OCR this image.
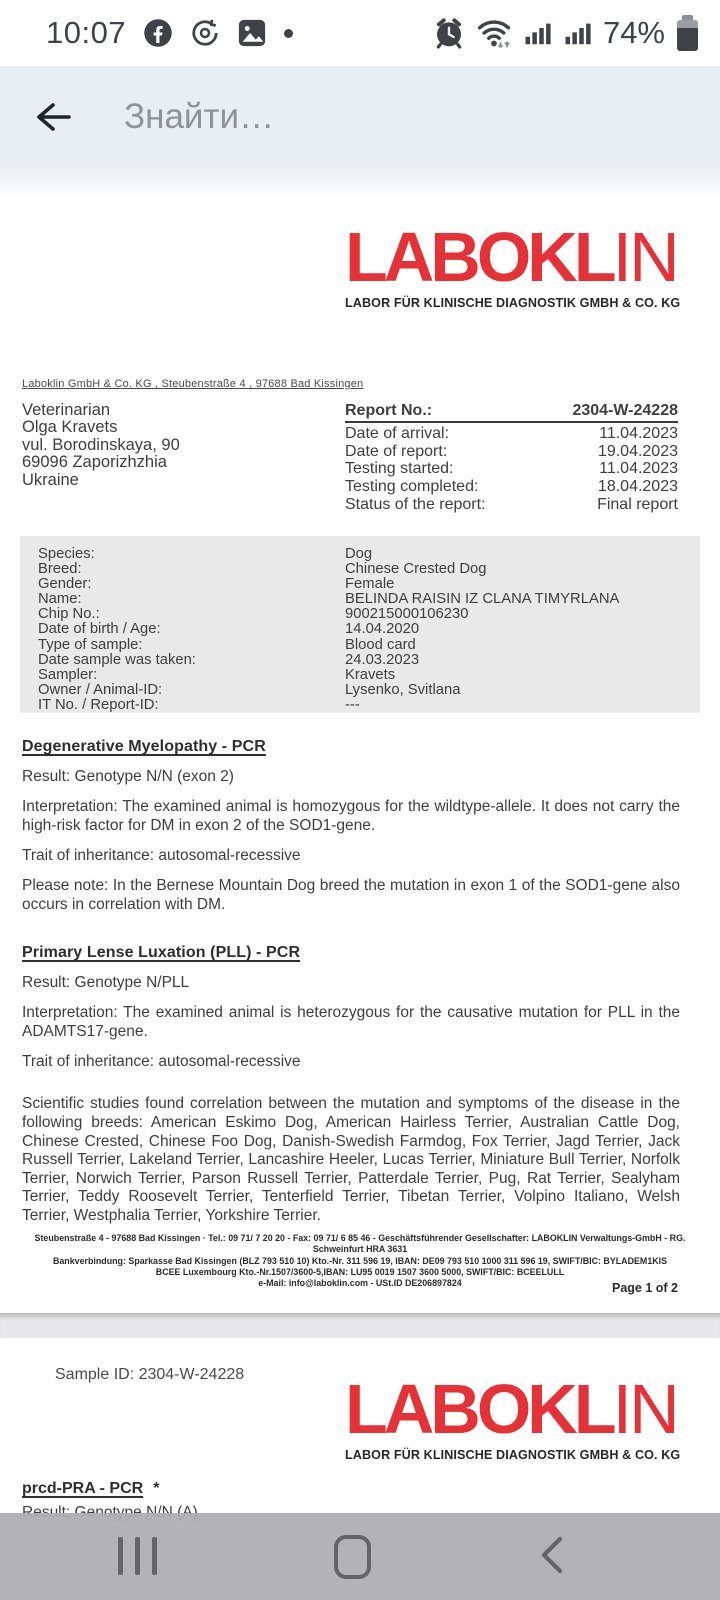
10:07	74%
Знайти…
LABOKLIN
LABOR FÜR KLINISCHE DIAGNOSTIK GMBH & CO. KG
Laboklin GmbH & Co. KG , Steubenstraße 4 , 97688 Bad Kissingen
Veterinarian
Olga Kravets
vul. Borodinskaya, 90
69096 Zaporizhzhia
Ukraine
Report No.:	2304-W-24228
Date of arrival:	11.04.2023
Date of report:	19.04.2023
Testing started:	11.04.2023
Testing completed:	18.04.2023
Status of the report:	Final report
Species:	Dog
Breed:	Chinese Crested Dog
Gender:	Female
Name:	BELINDA RAISIN IZ CLANA TIMYRLANA
Chip No.:	900215000106230
Date of birth / Age:	14.04.2020
Type of sample:	Blood card
Date sample was taken:	24.03.2023
Sampler:	Kravets
Owner / Animal-ID:	Lysenko, Svitlana
IT No. / Report-ID:	---
Degenerative Myelopathy - PCR

Result: Genotype N/N (exon 2)

Interpretation: The examined animal is homozygous for the wildtype-allele. It does not carry the high-risk factor for DM in exon 2 of the SOD1-gene.

Trait of inheritance: autosomal-recessive

Please note: In the Bernese Mountain Dog breed the mutation in exon 1 of the SOD1-gene also occurs in correlation with DM.

Primary Lense Luxation (PLL) - PCR

Result: Genotype N/PLL

Interpretation: The examined animal is heterozygous for the causative mutation for PLL in the ADAMTS17-gene.

Trait of inheritance: autosomal-recessive

Scientific studies found correlation between the mutation and symptoms of the disease in the following breeds: American Eskimo Dog, American Hairless Terrier, Australian Cattle Dog, Chinese Crested, Chinese Foo Dog, Danish-Swedish Farmdog, Fox Terrier, Jagd Terrier, Jack Russell Terrier, Lakeland Terrier, Lancashire Heeler, Lucas Terrier, Miniature Bull Terrier, Norfolk Terrier, Norwich Terrier, Parson Russell Terrier, Patterdale Terrier, Pug, Rat Terrier, Sealyham Terrier, Teddy Roosevelt Terrier, Tenterfield Terrier, Tibetan Terrier, Volpino Italiano, Welsh Terrier, Westphalia Terrier, Yorkshire Terrier.

Steubenstraße 4 - 97688 Bad Kissingen · Tel.: 09 71/ 7 20 20 - Fax: 09 71/ 6 85 46 - Geschäftsführender Gesellschafter: LABOKLIN Verwaltungs-GmbH - RG. Schweinfurt HRA 3631
Bankverbindung: Sparkasse Bad Kissingen (BLZ 793 510 10) Kto.-Nr. 311 596 19, IBAN: DE09 793 510 1000 311 596 19, SWIFT/BIC: BYLADEM1KIS
BCEE Luxembourg Kto.-Nr.1507/3600-5,IBAN: LU95 0019 1507 3600 5000, SWIFT/BIC: BCEELULL
e-Mail: info@laboklin.com - USt.ID DE206897824	Page 1 of 2
Sample ID: 2304-W-24228 LABOKLIN
LABOR FÜR KLINISCHE DIAGNOSTIK GMBH & CO. KG
prcd-PRA - PCR *
